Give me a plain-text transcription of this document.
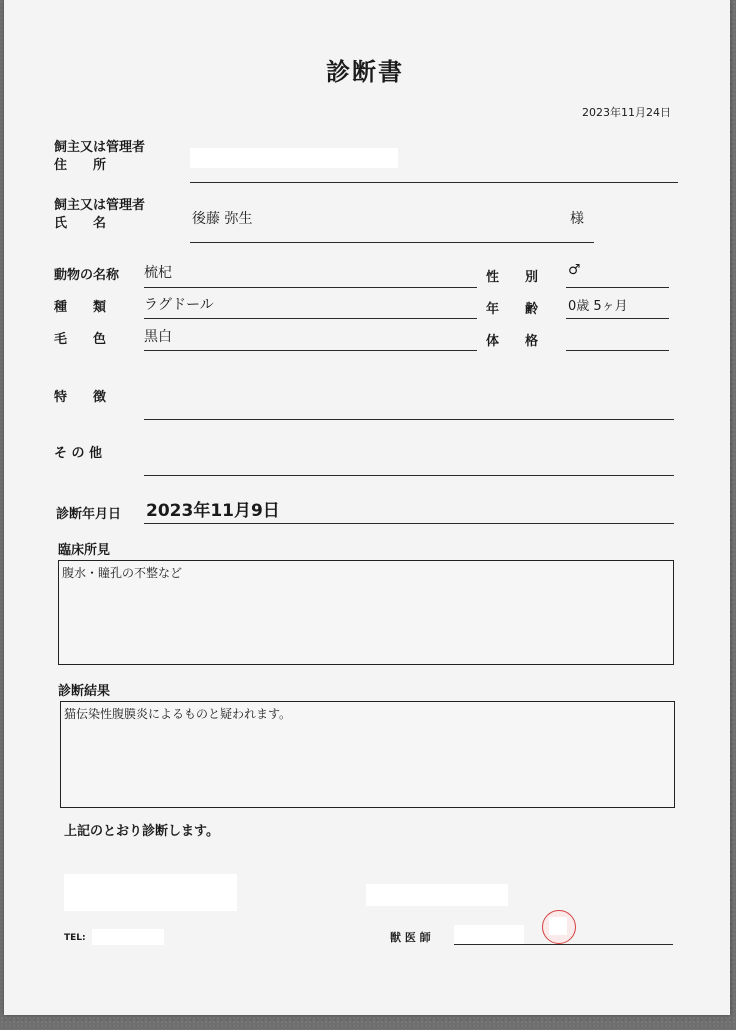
診断書
2023年11月24日
飼主又は管理者
住　　所
飼主又は管理者
氏　　名	後藤 弥生	様
動物の名称 梳杞	性　　別 ♂
種　　類	ラグドール	年　　齢 0歳 5ヶ月
毛　　色	黒白	体　　格
特　　徴
そ の 他
診断年月日 2023年11月9日
臨床所見
腹水・瞳孔の不整など
診断結果
猫伝染性腹膜炎によるものと疑われます。
上記のとおり診断します。
TEL:	獣 医 師
